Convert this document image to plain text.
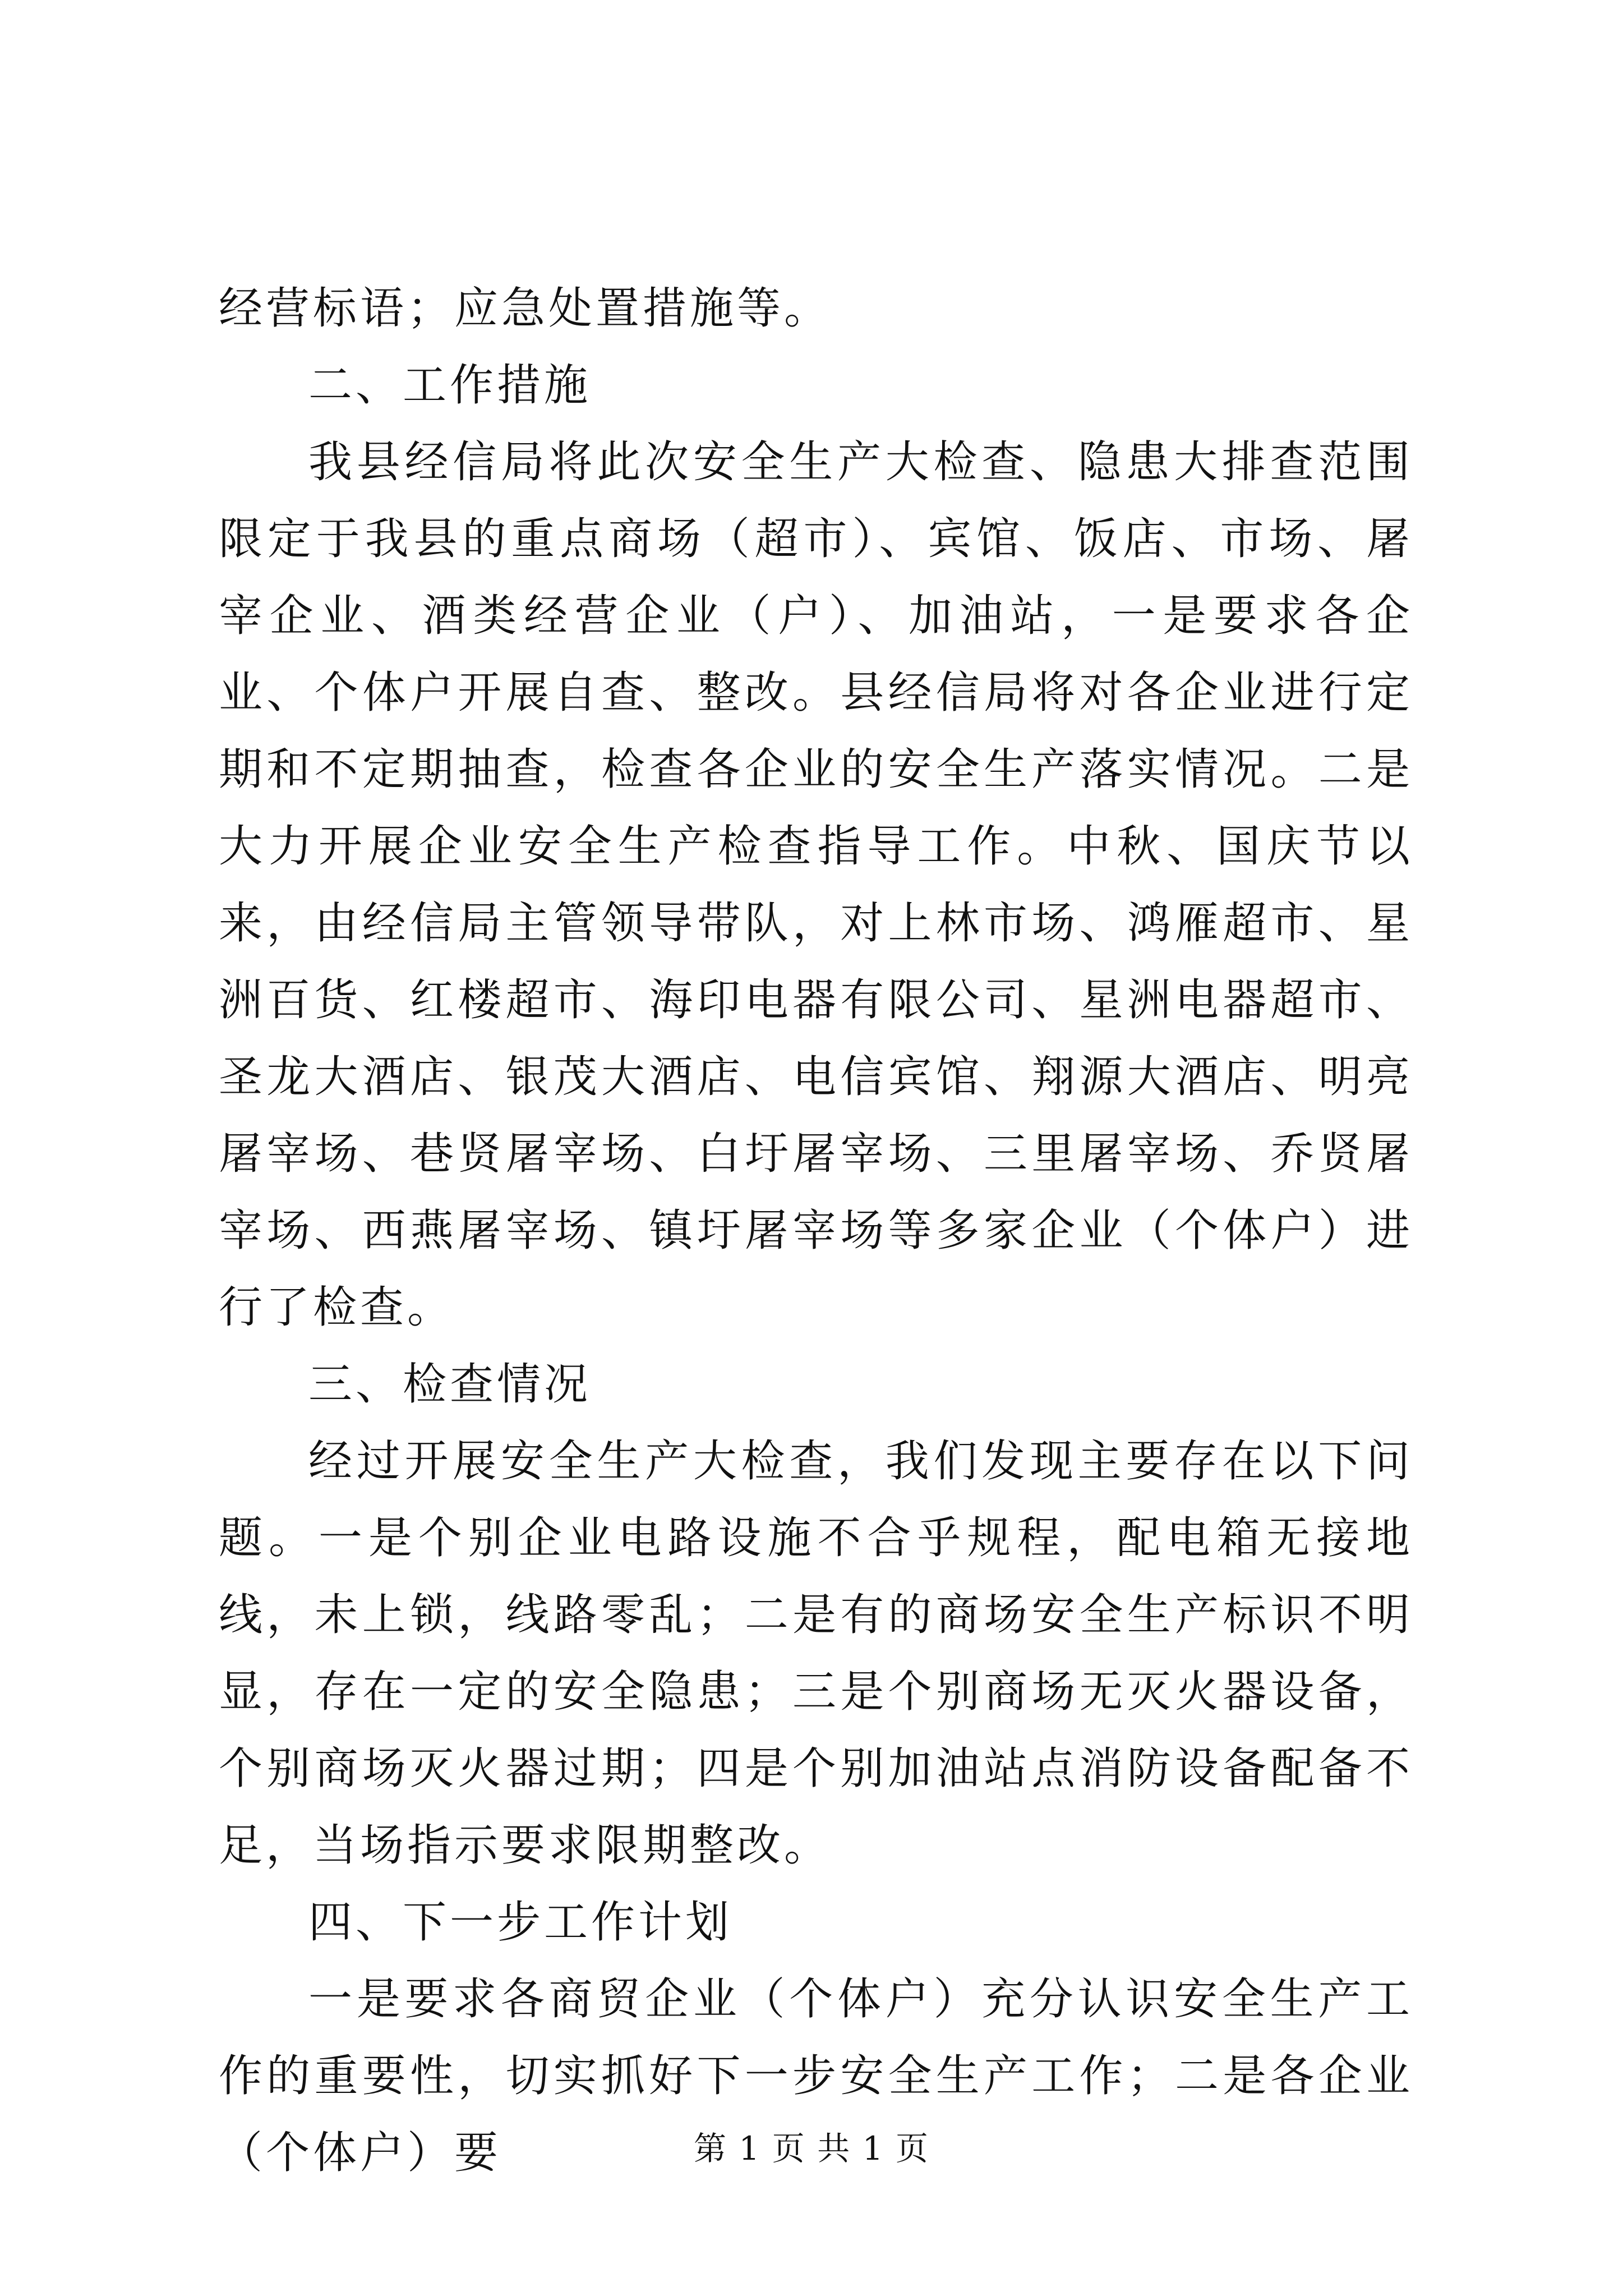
经营标语；应急处置措施等。

二、工作措施

我县经信局将此次安全生产大检查、隐患大排查范围限定于我县的重点商场（超市）、宾馆、饭店、市场、屠宰企业、酒类经营企业（户）、加油站，一是要求各企业、个体户开展自查、整改。县经信局将对各企业进行定期和不定期抽查，检查各企业的安全生产落实情况。二是大力开展企业安全生产检查指导工作。中秋、国庆节以来，由经信局主管领导带队，对上林市场、鸿雁超市、星洲百货、红楼超市、海印电器有限公司、星洲电器超市、圣龙大酒店、银茂大酒店、电信宾馆、翔源大酒店、明亮屠宰场、巷贤屠宰场、白圩屠宰场、三里屠宰场、乔贤屠宰场、西燕屠宰场、镇圩屠宰场等多家企业（个体户）进行了检查。

三、检查情况

经过开展安全生产大检查，我们发现主要存在以下问题。一是个别企业电路设施不合乎规程，配电箱无接地线，未上锁，线路零乱；二是有的商场安全生产标识不明显，存在一定的安全隐患；三是个别商场无灭火器设备，个别商场灭火器过期；四是个别加油站点消防设备配备不足，当场指示要求限期整改。

四、下一步工作计划

一是要求各商贸企业（个体户）充分认识安全生产工作的重要性，切实抓好下一步安全生产工作；二是各企业（个体户）要	第 1 页 共 1 页
